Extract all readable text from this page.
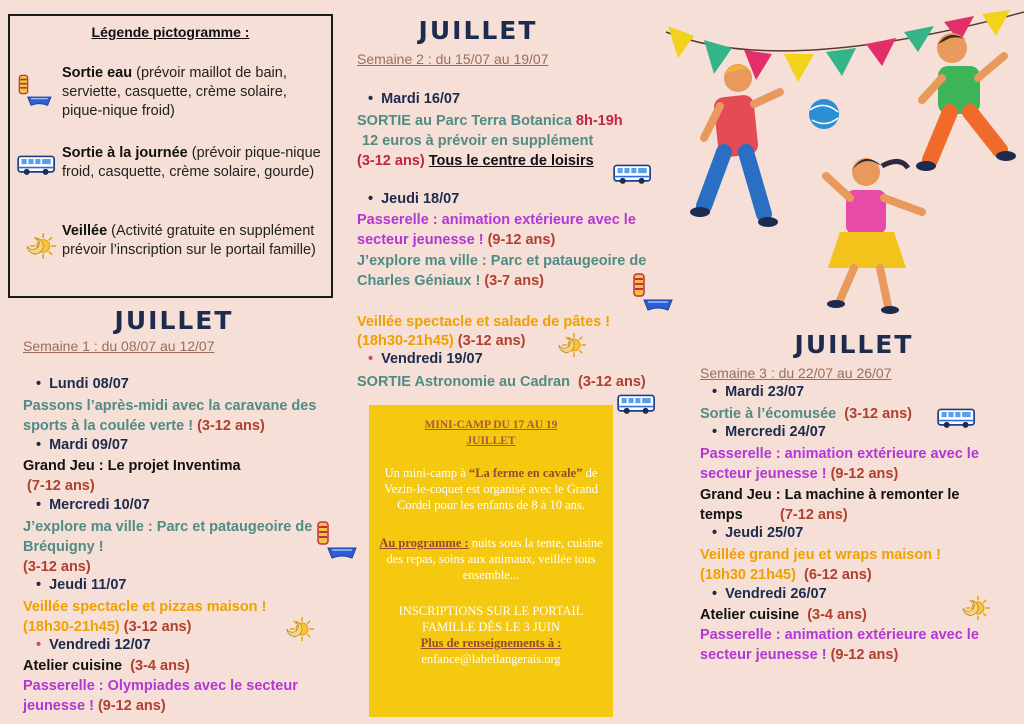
Légende pictogramme :
Sortie eau (prévoir maillot de bain, serviette, casquette, crème solaire, pique-nique froid)
Sortie à la journée (prévoir pique-nique froid, casquette, crème solaire, gourde)
Veillée (Activité gratuite en supplément prévoir l’inscription sur le portail famille)
JUILLET
Semaine 1 : du 08/07 au 12/07
• Lundi 08/07
Passons l’après-midi avec la caravane des sports à la coulée verte ! (3-12 ans)
• Mardi 09/07
Grand Jeu : Le projet Inventima
(7-12 ans)
• Mercredi 10/07
J’explore ma ville : Parc et pataugeoire de Bréquigny !
(3-12 ans)
• Jeudi 11/07
Veillée spectacle et pizzas maison !
(18h30-21h45) (3-12 ans)
• Vendredi 12/07
Atelier cuisine (3-4 ans)
Passerelle : Olympiades avec le secteur jeunesse ! (9-12 ans)
JUILLET
Semaine 2 : du 15/07 au 19/07
• Mardi 16/07
SORTIE au Parc Terra Botanica 8h-19h
12 euros à prévoir en supplément
(3-12 ans) Tous le centre de loisirs
• Jeudi 18/07
Passerelle : animation extérieure avec le secteur jeunesse ! (9-12 ans)
J’explore ma ville : Parc et pataugeoire de Charles Géniaux ! (3-7 ans)
Veillée spectacle et salade de pâtes !
(18h30-21h45) (3-12 ans)
• Vendredi 19/07
SORTIE Astronomie au Cadran (3-12 ans)
MINI-CAMP DU 17 AU 19 JUILLET
Un mini-camp à “La ferme en cavale” de Vezin-le-coquet est organisé avec le Grand Cordel pour les enfants de 8 à 10 ans.
Au programme : nuits sous la tente, cuisine des repas, soins aux animaux, veillée tous ensemble...
INSCRIPTIONS SUR LE PORTAIL FAMILLE DÈS LE 3 JUIN
Plus de renseignements à :
enfance@labellangerais.org
JUILLET
Semaine 3 : du 22/07 au 26/07
• Mardi 23/07
Sortie à l’écomusée (3-12 ans)
• Mercredi 24/07
Passerelle : animation extérieure avec le secteur jeunesse ! (9-12 ans)
Grand Jeu : La machine à remonter le temps	(7-12 ans)
• Jeudi 25/07
Veillée grand jeu et wraps maison !
(18h30 21h45) (6-12 ans)
• Vendredi 26/07
Atelier cuisine (3-4 ans)
Passerelle : animation extérieure avec le secteur jeunesse ! (9-12 ans)
